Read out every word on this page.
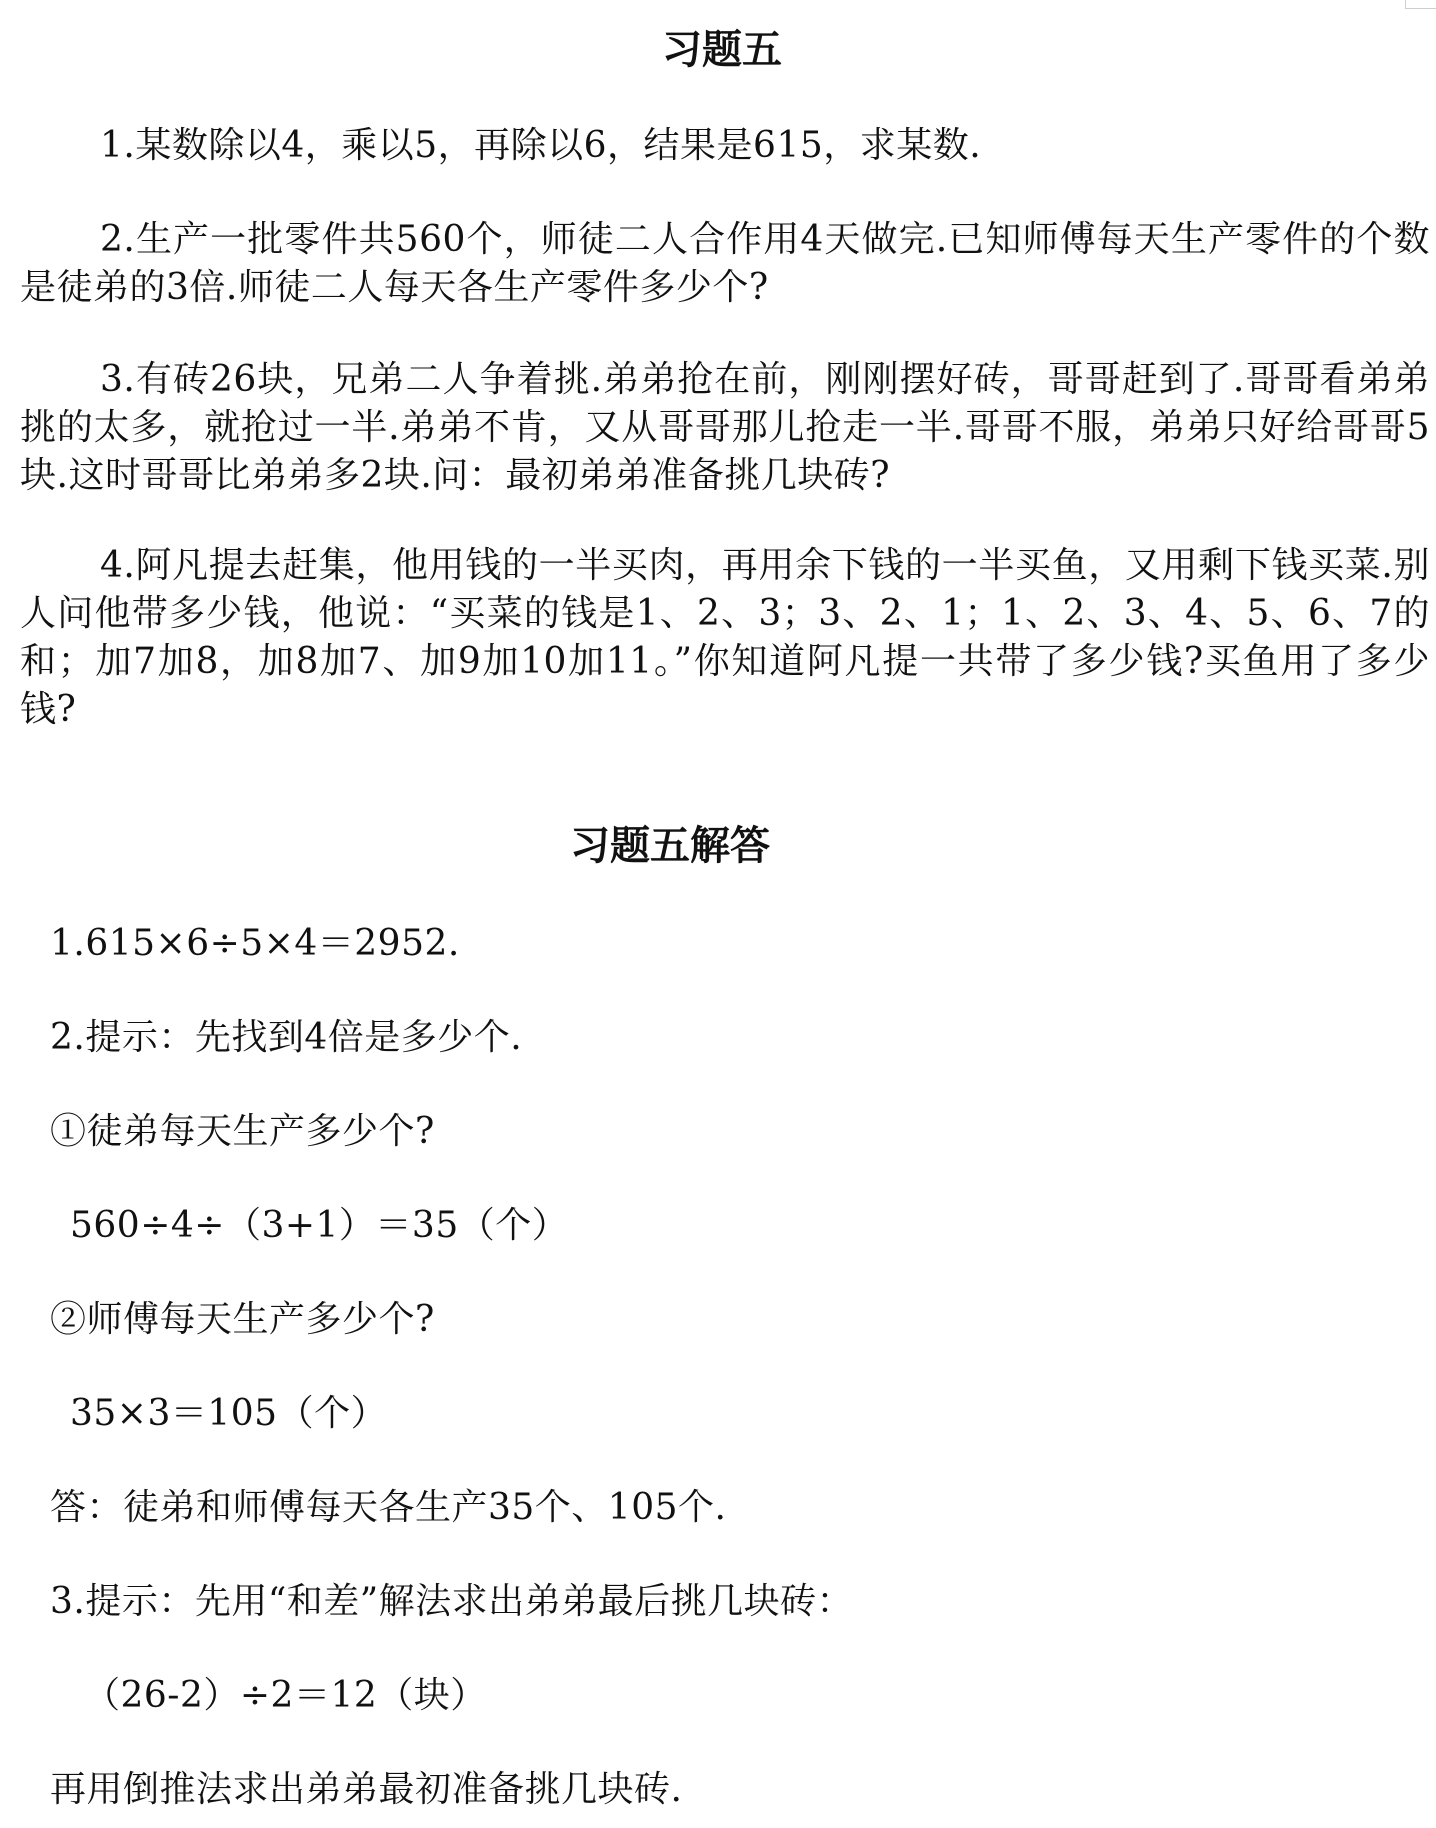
习题五
1.某数除以4，乘以5，再除以6，结果是615，求某数.
2.生产一批零件共560个，师徒二人合作用4天做完.已知师傅每天生产零件的个数是徒弟的3倍.师徒二人每天各生产零件多少个?
3.有砖26块，兄弟二人争着挑.弟弟抢在前，刚刚摆好砖，哥哥赶到了.哥哥看弟弟挑的太多，就抢过一半.弟弟不肯，又从哥哥那儿抢走一半.哥哥不服，弟弟只好给哥哥5块.这时哥哥比弟弟多2块.问：最初弟弟准备挑几块砖?
4.阿凡提去赶集，他用钱的一半买肉，再用余下钱的一半买鱼，又用剩下钱买菜.别人问他带多少钱，他说：“买菜的钱是1、2、3；3、2、1；1、2、3、4、5、6、7的和；加7加8，加8加7、加9加10加11。”你知道阿凡提一共带了多少钱?买鱼用了多少钱?
习题五解答
1.615×6÷5×4＝2952.
2.提示：先找到4倍是多少个.
①徒弟每天生产多少个?
560÷4÷（3+1）＝35（个）
②师傅每天生产多少个?
35×3＝105（个）
答：徒弟和师傅每天各生产35个、105个.
3.提示：先用“和差”解法求出弟弟最后挑几块砖：
（26-2）÷2＝12（块）
再用倒推法求出弟弟最初准备挑几块砖.
